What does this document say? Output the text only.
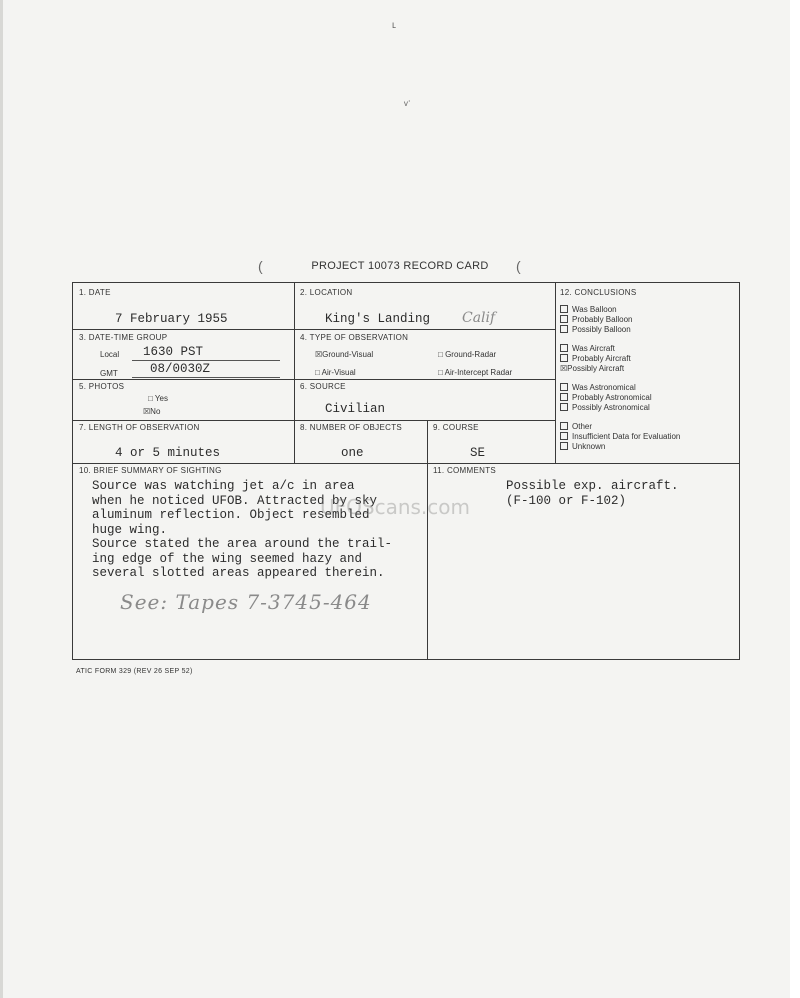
ʟ
ᵛ˙
(	(
PROJECT 10073 RECORD CARD
1. DATE
7 February 1955
2. LOCATION
King's Landing Calif
3. DATE-TIME GROUP
Local 1630 PST
GMT	08/0030Z
4. TYPE OF OBSERVATION
☒Ground-Visual	□ Ground-Radar
□ Air-Visual	□ Air-Intercept Radar
5. PHOTOS
□ Yes
☒No
6. SOURCE
Civilian
7. LENGTH OF OBSERVATION
4 or 5 minutes
8. NUMBER OF OBJECTS
one
9. COURSE
SE
12. CONCLUSIONS
Was Balloon
Probably Balloon
Possibly Balloon
Was Aircraft
Probably Aircraft
☒Possibly Aircraft
Was Astronomical
Probably Astronomical
Possibly Astronomical
Other
Insufficient Data for Evaluation
Unknown
10. BRIEF SUMMARY OF SIGHTING
Source was watching jet a/c in area
when he noticed UFOB. Attracted by sky
aluminum reflection. Object resembled
huge wing.
Source stated the area around the trail-
ing edge of the wing seemed hazy and
several slotted areas appeared therein.
See: Tapes 7-3745-464
11. COMMENTS
Possible exp. aircraft.
(F-100 or F-102)
UFOScans.com
ATIC FORM 329 (REV 26 SEP 52)
